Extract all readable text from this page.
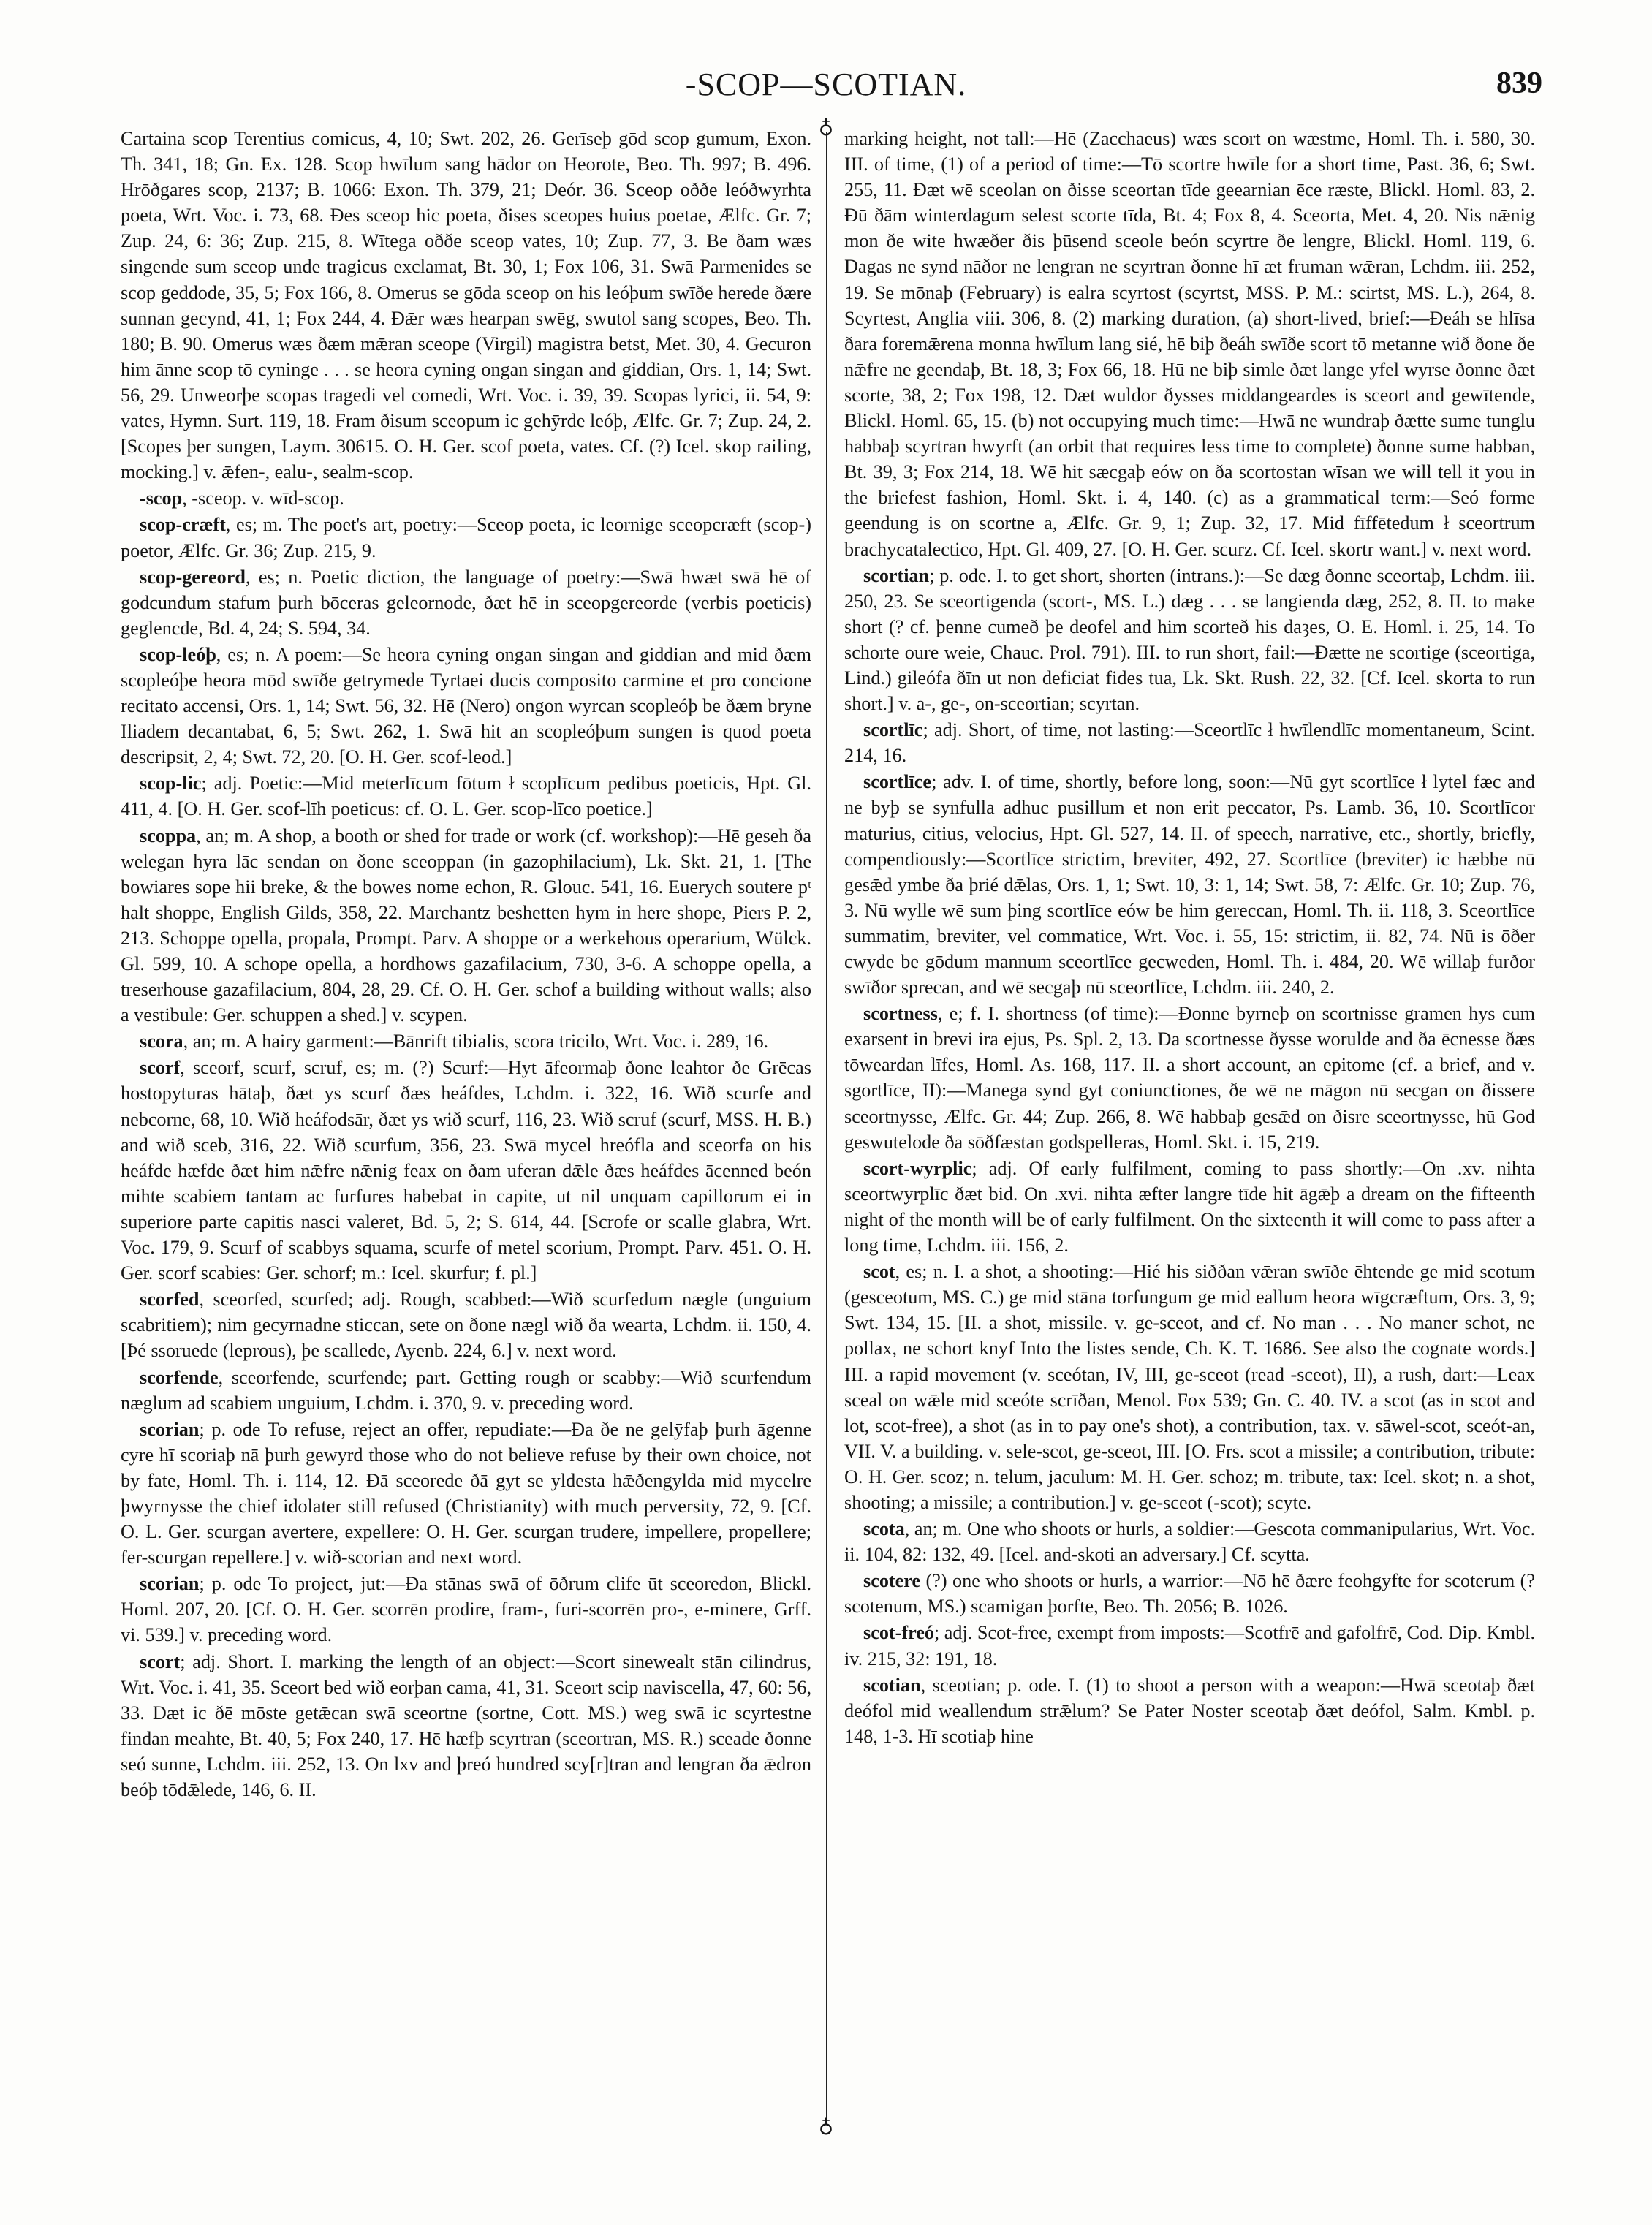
-SCOP—SCOTIAN.	839
♁
♁

Cartaina scop Terentius comicus, 4, 10; Swt. 202, 26. Gerīseþ gōd scop gumum, Exon. Th. 341, 18; Gn. Ex. 128. Scop hwīlum sang hādor on Heorote, Beo. Th. 997; B. 496. Hrōðgares scop, 2137; B. 1066: Exon. Th. 379, 21; Deór. 36. Sceop oððe leóðwyrhta poeta, Wrt. Voc. i. 73, 68. Ðes sceop hic poeta, ðises sceopes huius poetae, Ælfc. Gr. 7; Zup. 24, 6: 36; Zup. 215, 8. Wītega oððe sceop vates, 10; Zup. 77, 3. Be ðam wæs singende sum sceop unde tragicus exclamat, Bt. 30, 1; Fox 106, 31. Swā Parmenides se scop geddode, 35, 5; Fox 166, 8. Omerus se gōda sceop on his leóþum swīðe herede ðære sunnan gecynd, 41, 1; Fox 244, 4. Ðǣr wæs hearpan swēg, swutol sang scopes, Beo. Th. 180; B. 90. Omerus wæs ðæm mǣran sceope (Virgil) magistra betst, Met. 30, 4. Gecuron him ānne scop tō cyninge . . . se heora cyning ongan singan and giddian, Ors. 1, 14; Swt. 56, 29. Unweorþe scopas tragedi vel comedi, Wrt. Voc. i. 39, 39. Scopas lyrici, ii. 54, 9: vates, Hymn. Surt. 119, 18. Fram ðisum sceopum ic gehȳrde leóþ, Ælfc. Gr. 7; Zup. 24, 2. [Scopes þer sungen, Laym. 30615. O. H. Ger. scof poeta, vates. Cf. (?) Icel. skop railing, mocking.] v. ǣfen-, ealu-, sealm-scop.

-scop, -sceop. v. wīd-scop.

scop-cræft, es; m. The poet's art, poetry:—Sceop poeta, ic leornige sceopcræft (scop-) poetor, Ælfc. Gr. 36; Zup. 215, 9.

scop-gereord, es; n. Poetic diction, the language of poetry:—Swā hwæt swā hē of godcundum stafum þurh bōceras geleornode, ðæt hē in sceopgereorde (verbis poeticis) geglencde, Bd. 4, 24; S. 594, 34.

scop-leóþ, es; n. A poem:—Se heora cyning ongan singan and giddian and mid ðæm scopleóþe heora mōd swīðe getrymede Tyrtaei ducis composito carmine et pro concione recitato accensi, Ors. 1, 14; Swt. 56, 32. Hē (Nero) ongon wyrcan scopleóþ be ðæm bryne Iliadem decantabat, 6, 5; Swt. 262, 1. Swā hit an scopleóþum sungen is quod poeta descripsit, 2, 4; Swt. 72, 20. [O. H. Ger. scof-leod.]

scop-lic; adj. Poetic:—Mid meterlīcum fōtum ł scoplīcum pedibus poeticis, Hpt. Gl. 411, 4. [O. H. Ger. scof-līh poeticus: cf. O. L. Ger. scop-līco poetice.]

scoppa, an; m. A shop, a booth or shed for trade or work (cf. workshop):—Hē geseh ða welegan hyra lāc sendan on ðone sceoppan (in gazophilacium), Lk. Skt. 21, 1. [The bowiares sope hii breke, & the bowes nome echon, R. Glouc. 541, 16. Euerych soutere pᵗ halt shoppe, English Gilds, 358, 22. Marchantz beshetten hym in here shope, Piers P. 2, 213. Schoppe opella, propala, Prompt. Parv. A shoppe or a werkehous operarium, Wülck. Gl. 599, 10. A schope opella, a hordhows gazafilacium, 730, 3-6. A schoppe opella, a treserhouse gazafilacium, 804, 28, 29. Cf. O. H. Ger. schof a building without walls; also a vestibule: Ger. schuppen a shed.] v. scypen.

scora, an; m. A hairy garment:—Bānrift tibialis, scora tricilo, Wrt. Voc. i. 289, 16.

scorf, sceorf, scurf, scruf, es; m. (?) Scurf:—Hyt āfeormaþ ðone leahtor ðe Grēcas hostopyturas hātaþ, ðæt ys scurf ðæs heáfdes, Lchdm. i. 322, 16. Wið scurfe and nebcorne, 68, 10. Wið heáfodsār, ðæt ys wið scurf, 116, 23. Wið scruf (scurf, MSS. H. B.) and wið sceb, 316, 22. Wið scurfum, 356, 23. Swā mycel hreófla and sceorfa on his heáfde hæfde ðæt him nǣfre nǣnig feax on ðam uferan dǣle ðæs heáfdes ācenned beón mihte scabiem tantam ac furfures habebat in capite, ut nil unquam capillorum ei in superiore parte capitis nasci valeret, Bd. 5, 2; S. 614, 44. [Scrofe or scalle glabra, Wrt. Voc. 179, 9. Scurf of scabbys squama, scurfe of metel scorium, Prompt. Parv. 451. O. H. Ger. scorf scabies: Ger. schorf; m.: Icel. skurfur; f. pl.]

scorfed, sceorfed, scurfed; adj. Rough, scabbed:—Wið scurfedum nægle (unguium scabritiem); nim gecyrnadne sticcan, sete on ðone nægl wið ða wearta, Lchdm. ii. 150, 4. [Þé ssoruede (leprous), þe scallede, Ayenb. 224, 6.] v. next word.

scorfende, sceorfende, scurfende; part. Getting rough or scabby:—Wið scurfendum næglum ad scabiem unguium, Lchdm. i. 370, 9. v. preceding word.

scorian; p. ode To refuse, reject an offer, repudiate:—Ða ðe ne gelȳfaþ þurh āgenne cyre hī scoriaþ nā þurh gewyrd those who do not believe refuse by their own choice, not by fate, Homl. Th. i. 114, 12. Ðā sceorede ðā gyt se yldesta hǣðengylda mid mycelre þwyrnysse the chief idolater still refused (Christianity) with much perversity, 72, 9. [Cf. O. L. Ger. scurgan avertere, expellere: O. H. Ger. scurgan trudere, impellere, propellere; fer-scurgan repellere.] v. wið-scorian and next word.

scorian; p. ode To project, jut:—Ða stānas swā of ōðrum clife ūt sceoredon, Blickl. Homl. 207, 20. [Cf. O. H. Ger. scorrēn prodire, fram-, furi-scorrēn pro-, e-minere, Grff. vi. 539.] v. preceding word.

scort; adj. Short. I. marking the length of an object:—Scort sinewealt stān cilindrus, Wrt. Voc. i. 41, 35. Sceort bed wið eorþan cama, 41, 31. Sceort scip naviscella, 47, 60: 56, 33. Ðæt ic ðē mōste getǣcan swā sceortne (sortne, Cott. MS.) weg swā ic scyrtestne findan meahte, Bt. 40, 5; Fox 240, 17. Hē hæfþ scyrtran (sceortran, MS. R.) sceade ðonne seó sunne, Lchdm. iii. 252, 13. On lxv and þreó hundred scy[r]tran and lengran ða ǣdron beóþ tōdǣlede, 146, 6. II.

marking height, not tall:—Hē (Zacchaeus) wæs scort on wæstme, Homl. Th. i. 580, 30. III. of time, (1) of a period of time:—Tō scortre hwīle for a short time, Past. 36, 6; Swt. 255, 11. Ðæt wē sceolan on ðisse sceortan tīde geearnian ēce ræste, Blickl. Homl. 83, 2. Ðū ðām winterdagum selest scorte tīda, Bt. 4; Fox 8, 4. Sceorta, Met. 4, 20. Nis nǣnig mon ðe wite hwæðer ðis þūsend sceole beón scyrtre ðe lengre, Blickl. Homl. 119, 6. Dagas ne synd nāðor ne lengran ne scyrtran ðonne hī æt fruman wǣran, Lchdm. iii. 252, 19. Se mōnaþ (February) is ealra scyrtost (scyrtst, MSS. P. M.: scirtst, MS. L.), 264, 8. Scyrtest, Anglia viii. 306, 8. (2) marking duration, (a) short-lived, brief:—Ðeáh se hlīsa ðara foremǣrena monna hwīlum lang sié, hē biþ ðeáh swīðe scort tō metanne wið ðone ðe nǣfre ne geendaþ, Bt. 18, 3; Fox 66, 18. Hū ne biþ simle ðæt lange yfel wyrse ðonne ðæt scorte, 38, 2; Fox 198, 12. Ðæt wuldor ðysses middangeardes is sceort and gewītende, Blickl. Homl. 65, 15. (b) not occupying much time:—Hwā ne wundraþ ðætte sume tunglu habbaþ scyrtran hwyrft (an orbit that requires less time to complete) ðonne sume habban, Bt. 39, 3; Fox 214, 18. Wē hit sæcgaþ eów on ða scortostan wīsan we will tell it you in the briefest fashion, Homl. Skt. i. 4, 140. (c) as a grammatical term:—Seó forme geendung is on scortne a, Ælfc. Gr. 9, 1; Zup. 32, 17. Mid fīffētedum ł sceortrum brachycatalectico, Hpt. Gl. 409, 27. [O. H. Ger. scurz. Cf. Icel. skortr want.] v. next word.

scortian; p. ode. I. to get short, shorten (intrans.):—Se dæg ðonne sceortaþ, Lchdm. iii. 250, 23. Se sceortigenda (scort-, MS. L.) dæg . . . se langienda dæg, 252, 8. II. to make short (? cf. þenne cumeð þe deofel and him scorteð his daȝes, O. E. Homl. i. 25, 14. To schorte oure weie, Chauc. Prol. 791). III. to run short, fail:—Ðætte ne scortige (sceortiga, Lind.) gileófa ðīn ut non deficiat fides tua, Lk. Skt. Rush. 22, 32. [Cf. Icel. skorta to run short.] v. a-, ge-, on-sceortian; scyrtan.

scortlīc; adj. Short, of time, not lasting:—Sceortlīc ł hwīlendlīc momentaneum, Scint. 214, 16.

scortlīce; adv. I. of time, shortly, before long, soon:—Nū gyt scortlīce ł lytel fæc and ne byþ se synfulla adhuc pusillum et non erit peccator, Ps. Lamb. 36, 10. Scortlīcor maturius, citius, velocius, Hpt. Gl. 527, 14. II. of speech, narrative, etc., shortly, briefly, compendiously:—Scortlīce strictim, breviter, 492, 27. Scortlīce (breviter) ic hæbbe nū gesǣd ymbe ða þrié dǣlas, Ors. 1, 1; Swt. 10, 3: 1, 14; Swt. 58, 7: Ælfc. Gr. 10; Zup. 76, 3. Nū wylle wē sum þing scortlīce eów be him gereccan, Homl. Th. ii. 118, 3. Sceortlīce summatim, breviter, vel commatice, Wrt. Voc. i. 55, 15: strictim, ii. 82, 74. Nū is ōðer cwyde be gōdum mannum sceortlīce gecweden, Homl. Th. i. 484, 20. Wē willaþ furðor swīðor sprecan, and wē secgaþ nū sceortlīce, Lchdm. iii. 240, 2.

scortness, e; f. I. shortness (of time):—Ðonne byrneþ on scortnisse gramen hys cum exarsent in brevi ira ejus, Ps. Spl. 2, 13. Ða scortnesse ðysse worulde and ða ēcnesse ðæs tōweardan līfes, Homl. As. 168, 117. II. a short account, an epitome (cf. a brief, and v. sgortlīce, II):—Manega synd gyt coniunctiones, ðe wē ne māgon nū secgan on ðissere sceortnysse, Ælfc. Gr. 44; Zup. 266, 8. Wē habbaþ gesǣd on ðisre sceortnysse, hū God geswutelode ða sōðfæstan godspelleras, Homl. Skt. i. 15, 219.

scort-wyrplic; adj. Of early fulfilment, coming to pass shortly:—On .xv. nihta sceortwyrplīc ðæt bid. On .xvi. nihta æfter langre tīde hit āgǣþ a dream on the fifteenth night of the month will be of early fulfilment. On the sixteenth it will come to pass after a long time, Lchdm. iii. 156, 2.

scot, es; n. I. a shot, a shooting:—Hié his siððan vǣran swīðe ēhtende ge mid scotum (gesceotum, MS. C.) ge mid stāna torfungum ge mid eallum heora wīgcræftum, Ors. 3, 9; Swt. 134, 15. [II. a shot, missile. v. ge-sceot, and cf. No man . . . No maner schot, ne pollax, ne schort knyf Into the listes sende, Ch. K. T. 1686. See also the cognate words.] III. a rapid movement (v. sceótan, IV, III, ge-sceot (read -sceot), II), a rush, dart:—Leax sceal on wǣle mid sceóte scrīðan, Menol. Fox 539; Gn. C. 40. IV. a scot (as in scot and lot, scot-free), a shot (as in to pay one's shot), a contribution, tax. v. sāwel-scot, sceót-an, VII. V. a building. v. sele-scot, ge-sceot, III. [O. Frs. scot a missile; a contribution, tribute: O. H. Ger. scoz; n. telum, jaculum: M. H. Ger. schoz; m. tribute, tax: Icel. skot; n. a shot, shooting; a missile; a contribution.] v. ge-sceot (-scot); scyte.

scota, an; m. One who shoots or hurls, a soldier:—Gescota commanipularius, Wrt. Voc. ii. 104, 82: 132, 49. [Icel. and-skoti an adversary.] Cf. scytta.

scotere (?) one who shoots or hurls, a warrior:—Nō hē ðære feohgyfte for scoterum (? scotenum, MS.) scamigan þorfte, Beo. Th. 2056; B. 1026.

scot-freó; adj. Scot-free, exempt from imposts:—Scotfrē and gafolfrē, Cod. Dip. Kmbl. iv. 215, 32: 191, 18.

scotian, sceotian; p. ode. I. (1) to shoot a person with a weapon:—Hwā sceotaþ ðæt deófol mid weallendum strǣlum? Se Pater Noster sceotaþ ðæt deófol, Salm. Kmbl. p. 148, 1-3. Hī scotiaþ hine
